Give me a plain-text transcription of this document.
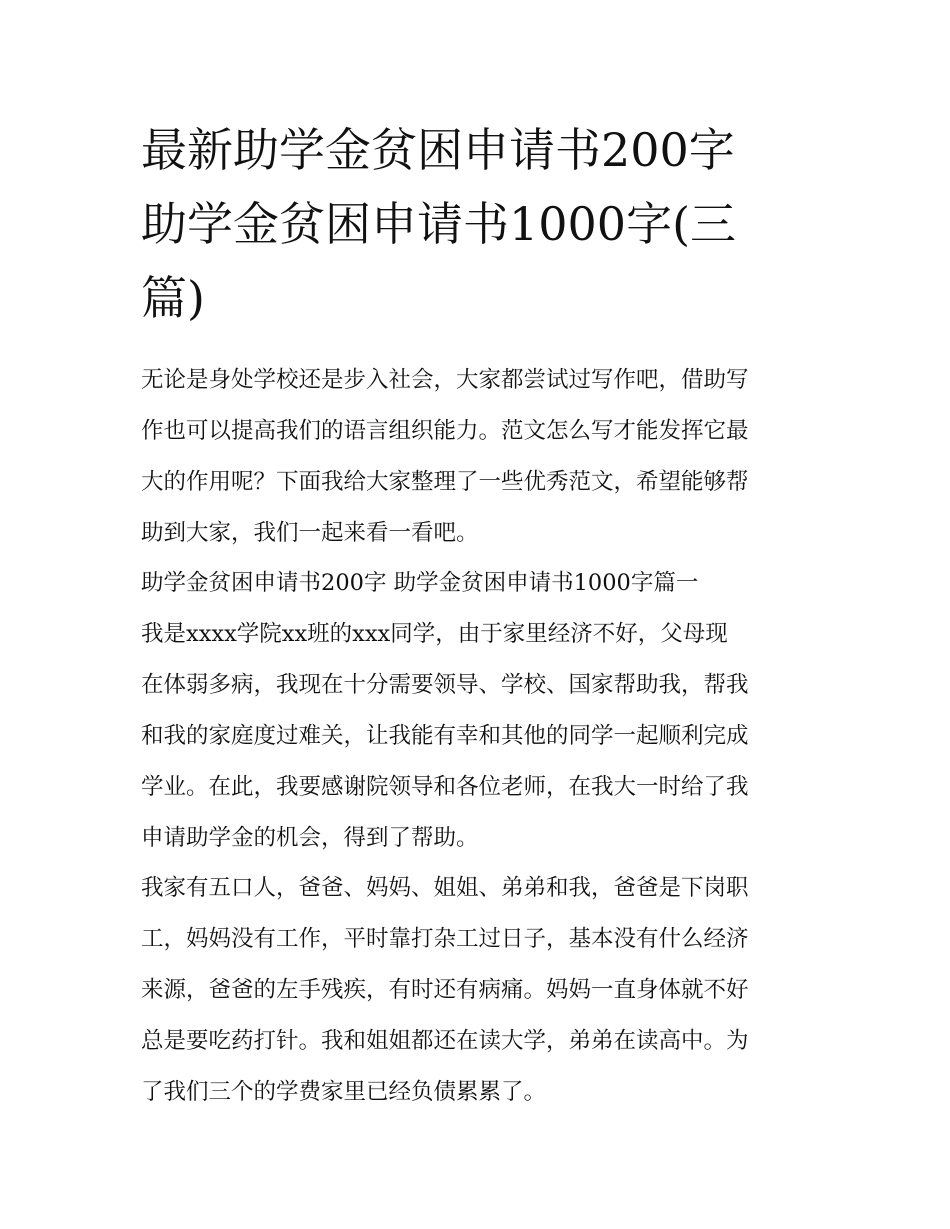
最新助学金贫困申请书200字
助学金贫困申请书1000字(三
篇)

无论是身处学校还是步入社会，大家都尝试过写作吧，借助写
作也可以提高我们的语言组织能力。范文怎么写才能发挥它最
大的作用呢？下面我给大家整理了一些优秀范文，希望能够帮
助到大家，我们一起来看一看吧。

助学金贫困申请书200字 助学金贫困申请书1000字篇一

我是xxxx学院xx班的xxx同学，由于家里经济不好，父母现
在体弱多病，我现在十分需要领导、学校、国家帮助我，帮我
和我的家庭度过难关，让我能有幸和其他的同学一起顺利完成
学业。在此，我要感谢院领导和各位老师，在我大一时给了我
申请助学金的机会，得到了帮助。

我家有五口人，爸爸、妈妈、姐姐、弟弟和我，爸爸是下岗职
工，妈妈没有工作，平时靠打杂工过日子，基本没有什么经济
来源，爸爸的左手残疾，有时还有病痛。妈妈一直身体就不好
总是要吃药打针。我和姐姐都还在读大学，弟弟在读高中。为
了我们三个的学费家里已经负债累累了。
